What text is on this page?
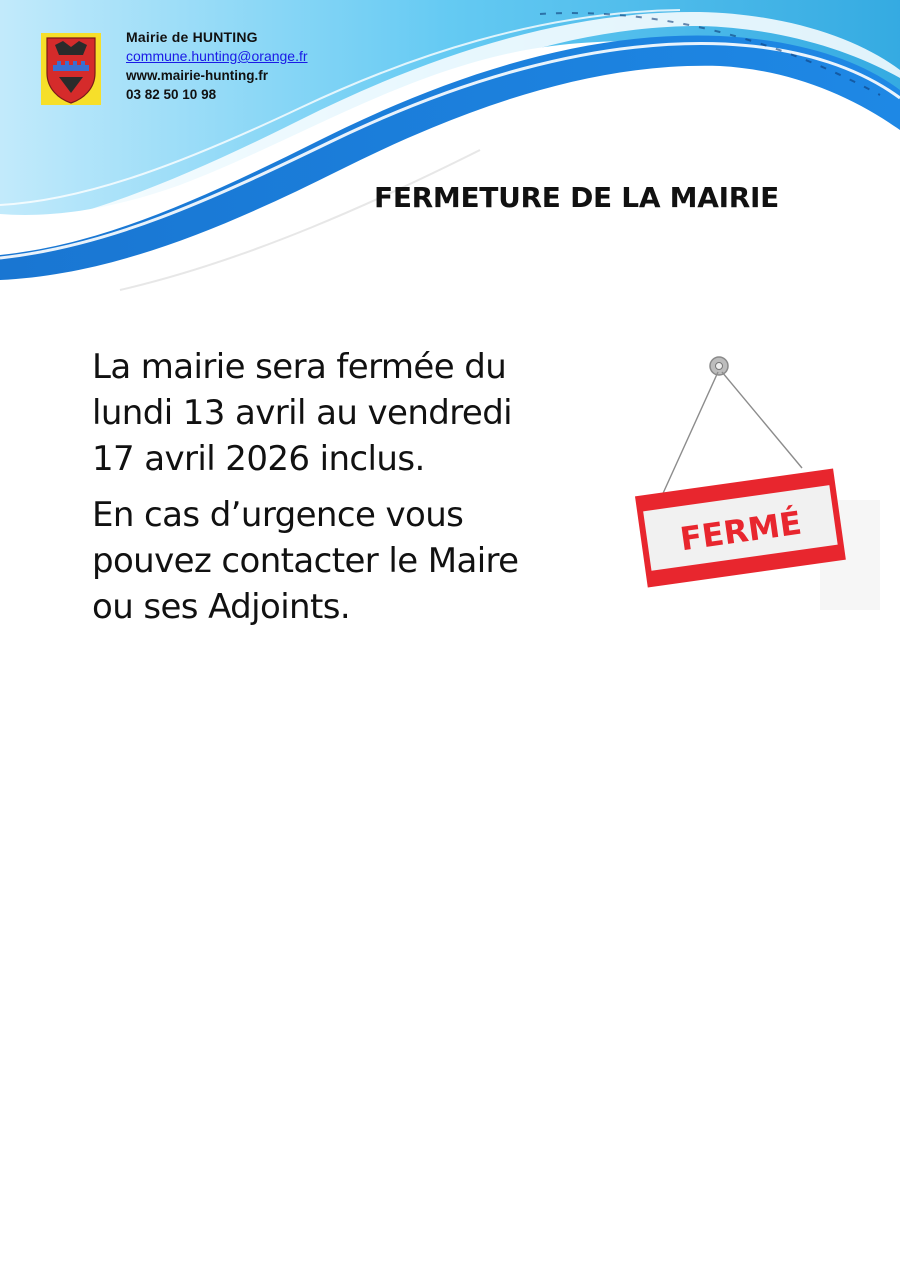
Mairie de HUNTING
commune.hunting@orange.fr
www.mairie-hunting.fr
03 82 50 10 98
FERMETURE DE LA MAIRIE

La mairie sera fermée du lundi 13 avril au vendredi 17 avril 2026 inclus.

En cas d’urgence vous pouvez contacter le Maire ou ses Adjoints.

FERMÉ
